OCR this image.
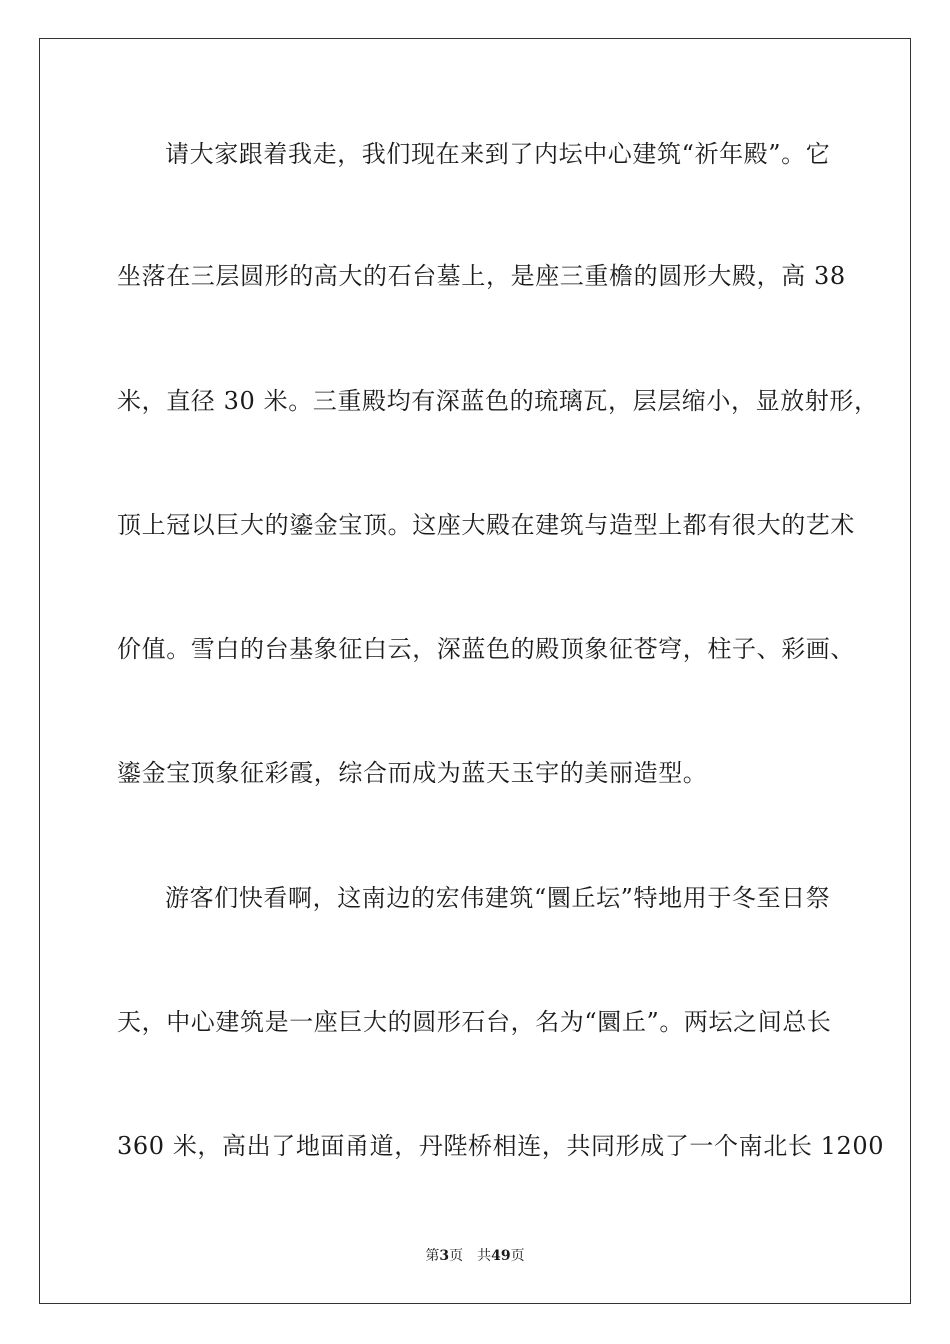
请大家跟着我走，我们现在来到了内坛中心建筑“祈年殿”。它
坐落在三层圆形的高大的石台墓上，是座三重檐的圆形大殿，高 38
米，直径 30 米。三重殿均有深蓝色的琉璃瓦，层层缩小，显放射形，
顶上冠以巨大的鎏金宝顶。这座大殿在建筑与造型上都有很大的艺术
价值。雪白的台基象征白云，深蓝色的殿顶象征苍穹，柱子、彩画、
鎏金宝顶象征彩霞，综合而成为蓝天玉宇的美丽造型。
游客们快看啊，这南边的宏伟建筑“圜丘坛”特地用于冬至日祭
天，中心建筑是一座巨大的圆形石台，名为“圜丘”。两坛之间总长
360 米，高出了地面甬道，丹陛桥相连，共同形成了一个南北长 1200
第3页 共49页
